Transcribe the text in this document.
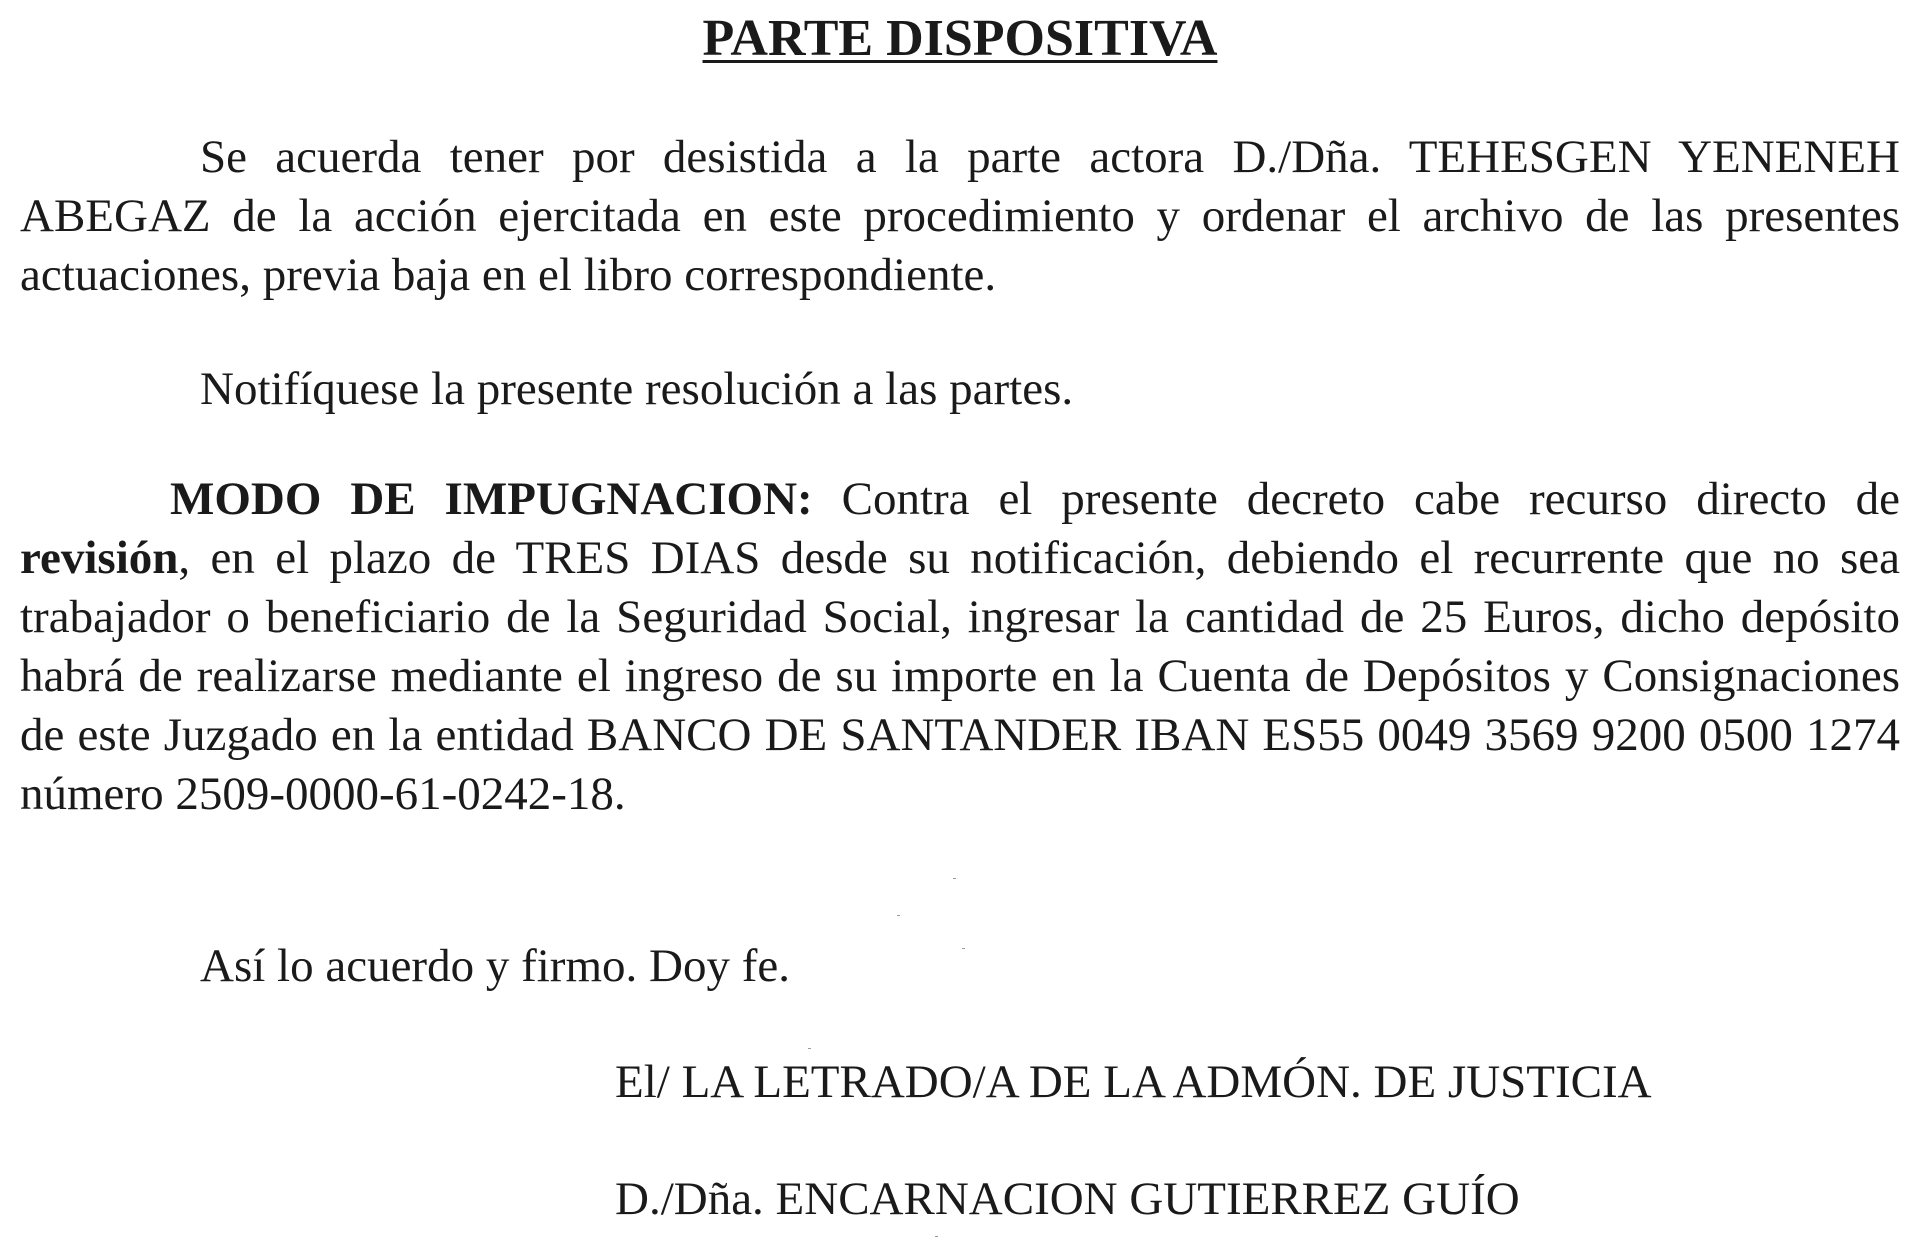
PARTE DISPOSITIVA

Se acuerda tener por desistida a la parte actora D./Dña. TEHESGEN YENENEH ABEGAZ de la acción ejercitada en este procedimiento y ordenar el archivo de las presentes actuaciones, previa baja en el libro correspondiente.

Notifíquese la presente resolución a las partes.

MODO DE IMPUGNACION: Contra el presente decreto cabe recurso directo de revisión, en el plazo de TRES DIAS desde su notificación, debiendo el recurrente que no sea trabajador o beneficiario de la Seguridad Social, ingresar la cantidad de 25 Euros, dicho depósito habrá de realizarse mediante el ingreso de su importe en la Cuenta de Depósitos y Consignaciones de este Juzgado en la entidad BANCO DE SANTANDER IBAN ES55 0049 3569 9200 0500 1274 número 2509-0000-61-0242-18.

Así lo acuerdo y firmo. Doy fe.

El/ LA LETRADO/A DE LA ADMÓN. DE JUSTICIA

D./Dña. ENCARNACION GUTIERREZ GUÍO
